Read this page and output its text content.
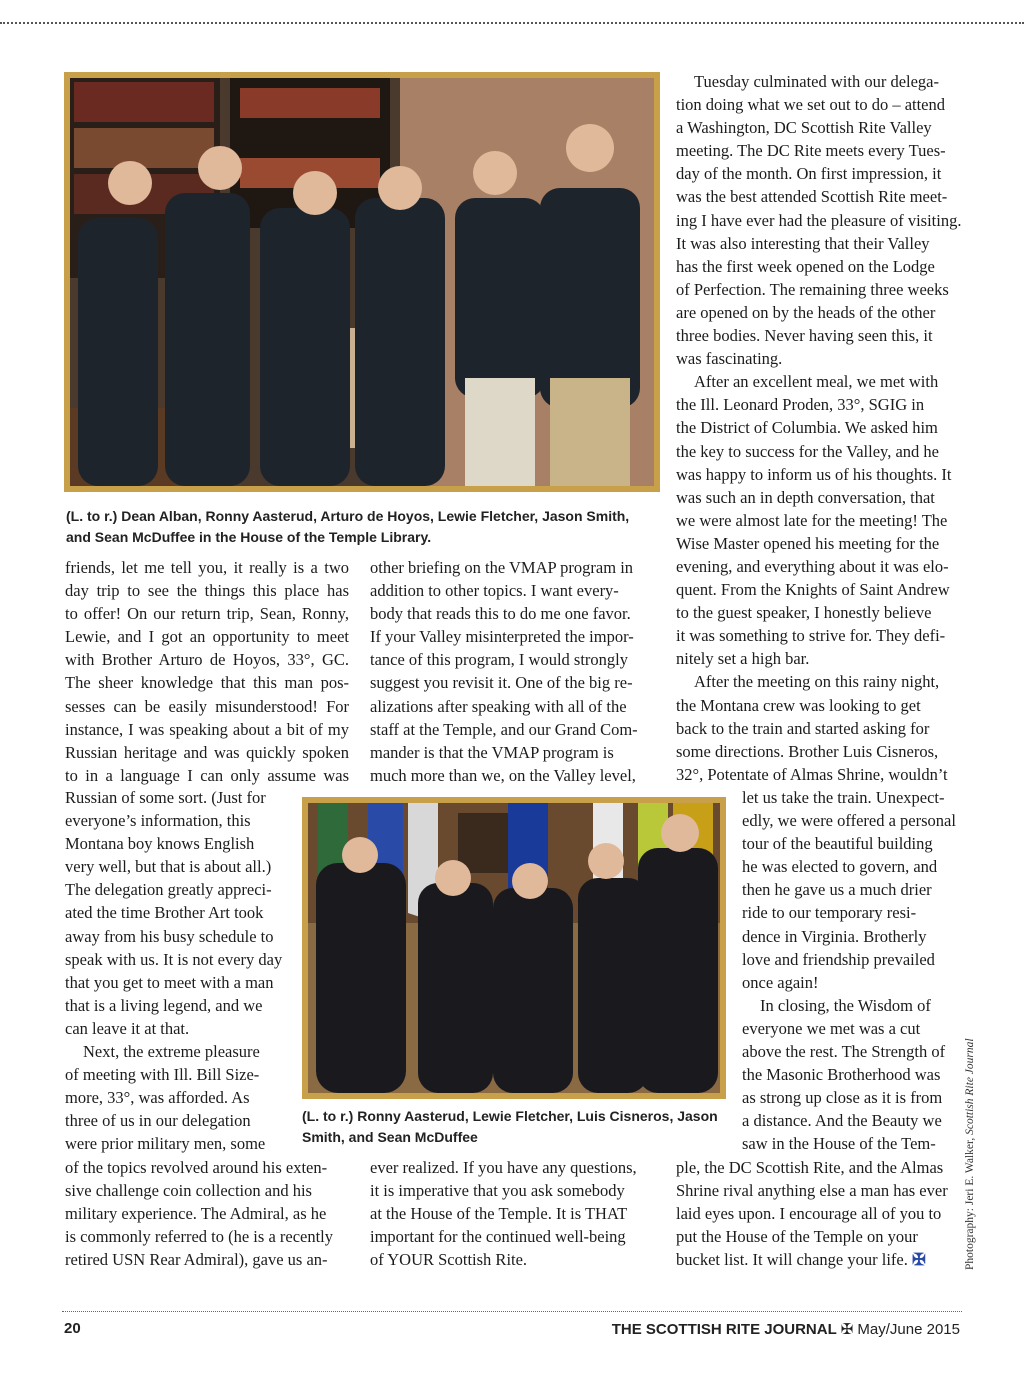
(L. to r.) Dean Alban, Ronny Aasterud, Arturo de Hoyos, Lewie Fletcher, Jason Smith, and Sean McDuffee in the House of the Temple Library.
(L. to r.) Ronny Aasterud, Lewie Fletcher, Luis Cisneros, Jason Smith, and Sean McDuffee

friends, let me tell you, it really is a two
day trip to see the things this place has
to offer! On our return trip, Sean, Ronny,
Lewie, and I got an opportunity to meet
with Brother Arturo de Hoyos, 33°, GC.
The sheer knowledge that this man pos-
sesses can be easily misunderstood! For
instance, I was speaking about a bit of my
Russian heritage and was quickly spoken
to in a language I can only assume was

Russian of some sort. (Just for
everyone’s information, this
Montana boy knows English
very well, but that is about all.)
The delegation greatly appreci-
ated the time Brother Art took
away from his busy schedule to
speak with us. It is not every day
that you get to meet with a man
that is a living legend, and we
can leave it at that.
Next, the extreme pleasure
of meeting with Ill. Bill Size-
more, 33°, was afforded. As
three of us in our delegation
were prior military men, some
of the topics revolved around his exten-
sive challenge coin collection and his
military experience. The Admiral, as he
is commonly referred to (he is a recently
retired USN Rear Admiral), gave us an-
other briefing on the VMAP program in
addition to other topics. I want every-
body that reads this to do me one favor.
If your Valley misinterpreted the impor-
tance of this program, I would strongly
suggest you revisit it. One of the big re-
alizations after speaking with all of the
staff at the Temple, and our Grand Com-
mander is that the VMAP program is
much more than we, on the Valley level,
ever realized. If you have any questions,
it is imperative that you ask somebody
at the House of the Temple. It is THAT
important for the continued well-being
of YOUR Scottish Rite.
Tuesday culminated with our delega-
tion doing what we set out to do – attend
a Washington, DC Scottish Rite Valley
meeting. The DC Rite meets every Tues-
day of the month. On first impression, it
was the best attended Scottish Rite meet-
ing I have ever had the pleasure of visiting.
It was also interesting that their Valley
has the first week opened on the Lodge
of Perfection. The remaining three weeks
are opened on by the heads of the other
three bodies. Never having seen this, it
was fascinating.
After an excellent meal, we met with
the Ill. Leonard Proden, 33°, SGIG in
the District of Columbia. We asked him
the key to success for the Valley, and he
was happy to inform us of his thoughts. It
was such an in depth conversation, that
we were almost late for the meeting! The
Wise Master opened his meeting for the
evening, and everything about it was elo-
quent. From the Knights of Saint Andrew
to the guest speaker, I honestly believe
it was something to strive for. They defi-
nitely set a high bar.
After the meeting on this rainy night,
the Montana crew was looking to get
back to the train and started asking for
some directions. Brother Luis Cisneros,
32°, Potentate of Almas Shrine, wouldn’t
let us take the train. Unexpect-
edly, we were offered a personal
tour of the beautiful building
he was elected to govern, and
then he gave us a much drier
ride to our temporary resi-
dence in Virginia. Brotherly
love and friendship prevailed
once again!
In closing, the Wisdom of
everyone we met was a cut
above the rest. The Strength of
the Masonic Brotherhood was
as strong up close as it is from
a distance. And the Beauty we
saw in the House of the Tem-
ple, the DC Scottish Rite, and the Almas
Shrine rival anything else a man has ever
laid eyes upon. I encourage all of you to
put the House of the Temple on your
bucket list. It will change your life. ✠	Photography: Jeri E. Walker, Scottish Rite Journal
20	THE SCOTTISH RITE JOURNAL ✠ May/June 2015
